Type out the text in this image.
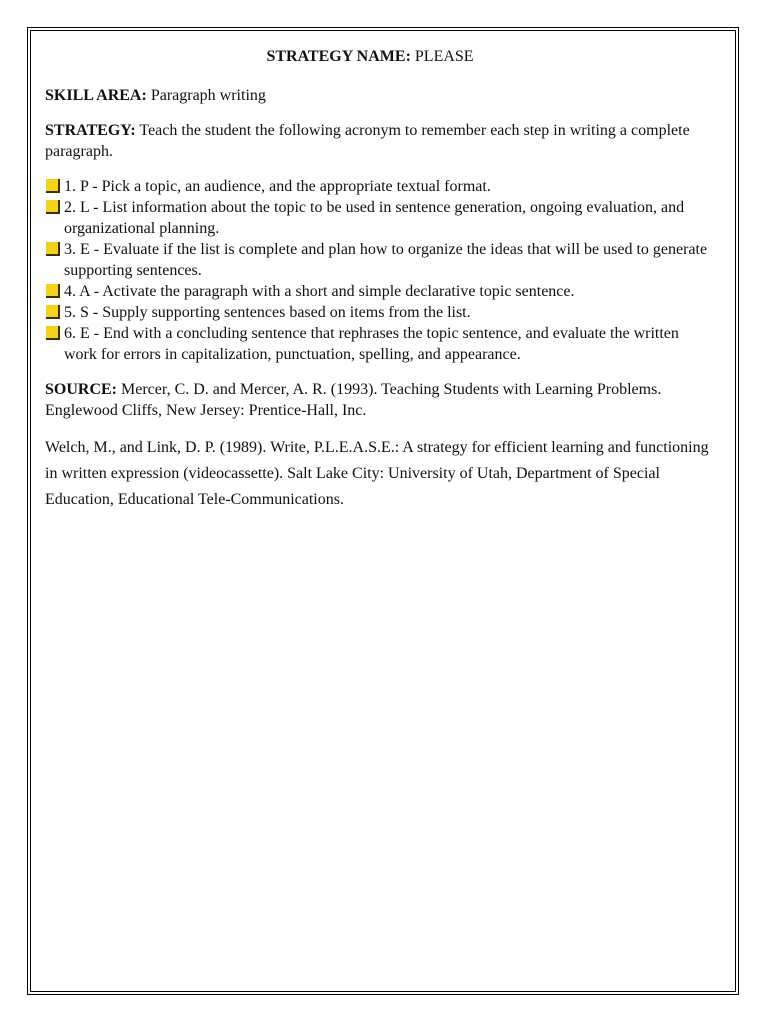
STRATEGY NAME: PLEASE

SKILL AREA: Paragraph writing

STRATEGY: Teach the student the following acronym to remember each step in writing a complete paragraph.

1. P - Pick a topic, an audience, and the appropriate textual format.
2. L - List information about the topic to be used in sentence generation, ongoing evaluation, and organizational planning.
3. E - Evaluate if the list is complete and plan how to organize the ideas that will be used to generate supporting sentences.
4. A - Activate the paragraph with a short and simple declarative topic sentence.
5. S - Supply supporting sentences based on items from the list.
6. E - End with a concluding sentence that rephrases the topic sentence, and evaluate the written work for errors in capitalization, punctuation, spelling, and appearance.

SOURCE: Mercer, C. D. and Mercer, A. R. (1993). Teaching Students with Learning Problems. Englewood Cliffs, New Jersey: Prentice-Hall, Inc.

Welch, M., and Link, D. P. (1989). Write, P.L.E.A.S.E.: A strategy for efficient learning and functioning in written expression (videocassette). Salt Lake City: University of Utah, Department of Special Education, Educational Tele-Communications.
